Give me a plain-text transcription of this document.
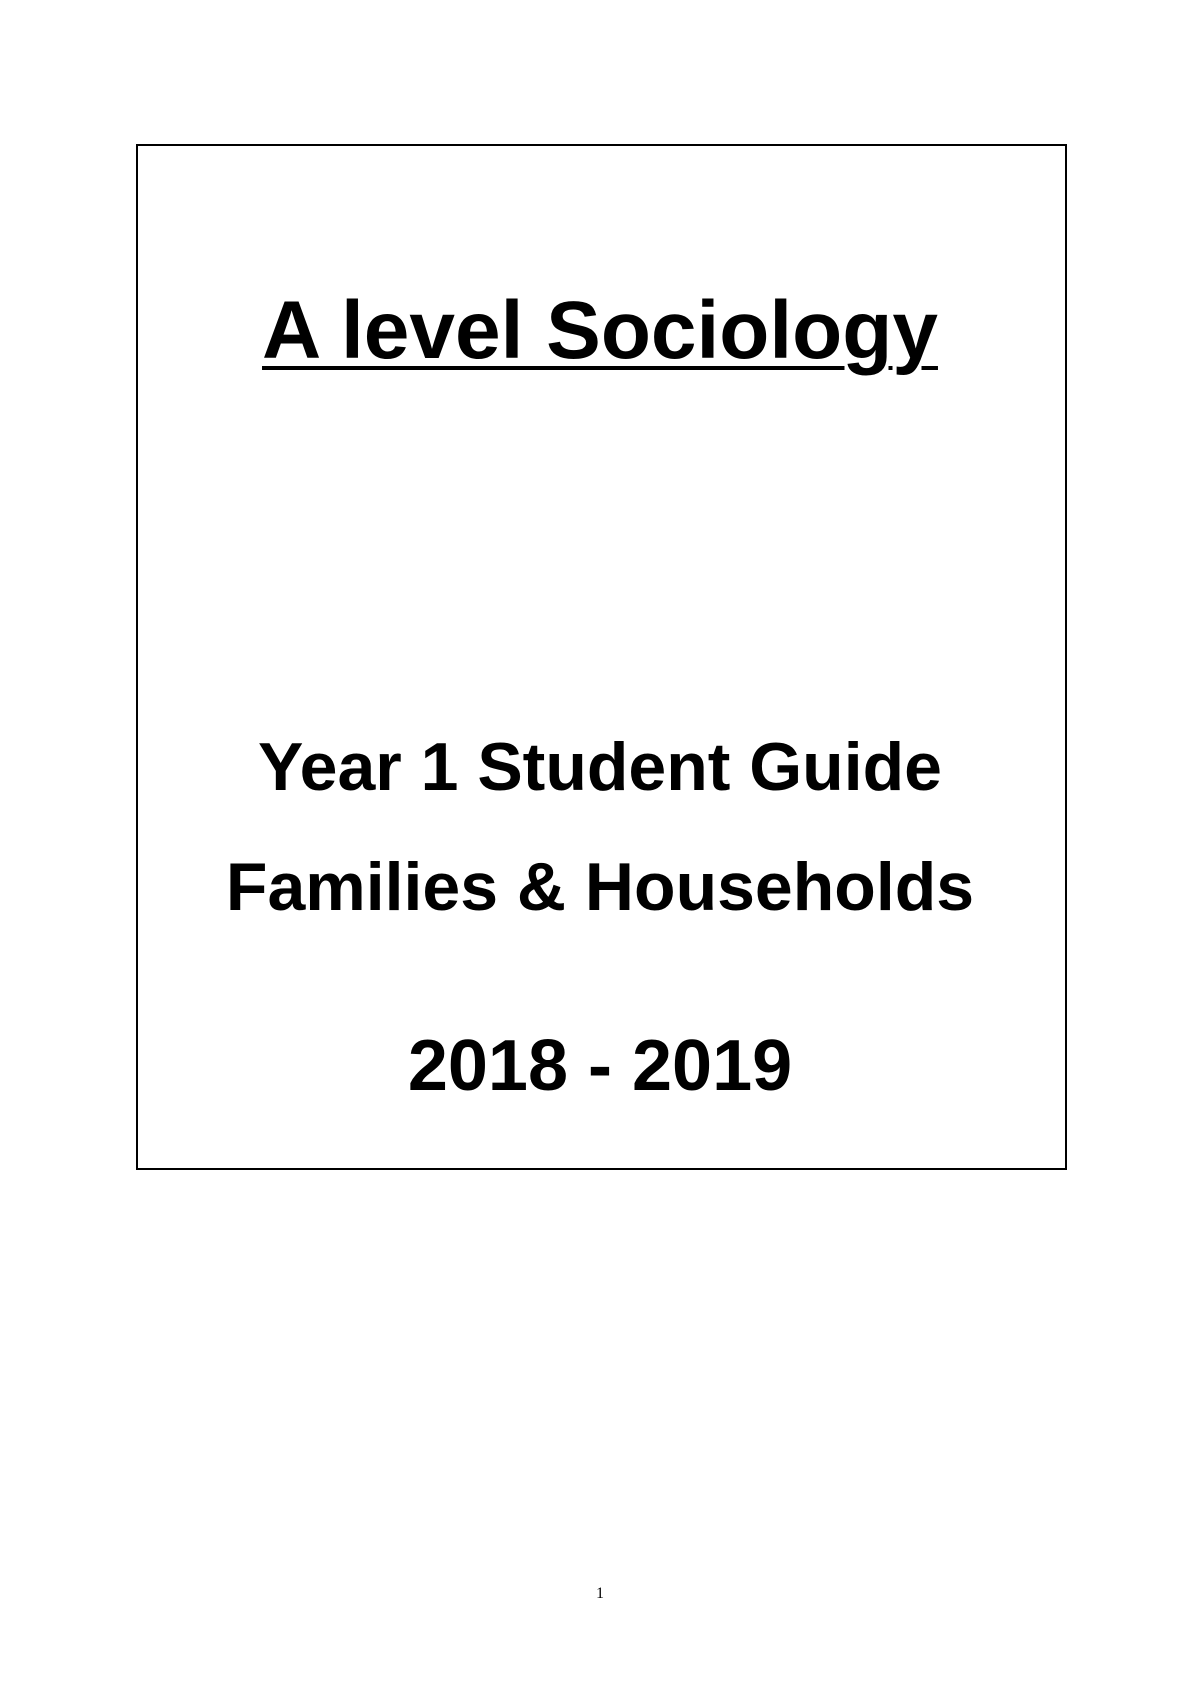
A level Sociology
Year 1 Student Guide
Families & Households
2018 - 2019
1
